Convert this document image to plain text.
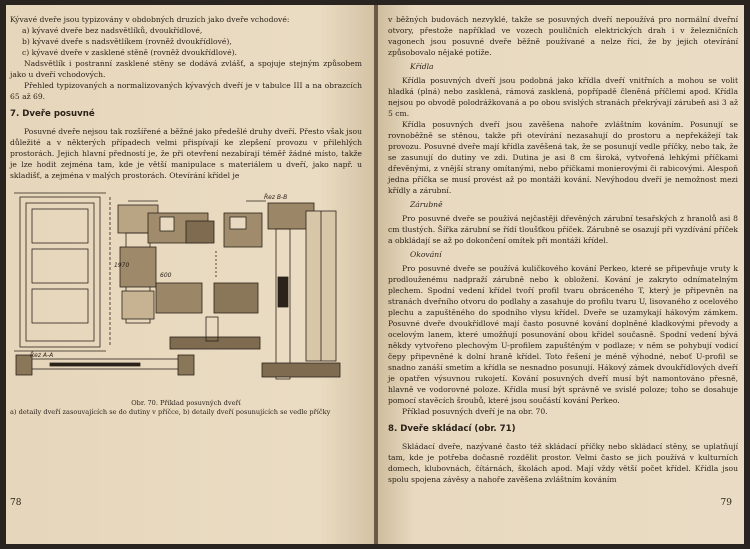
Kývavé dveře jsou typizovány v obdobných druzích jako dveře vchodové:
a) kývavé dveře bez nadsvětlíků, dvoukřídlové,
b) kývavé dveře s nadsvětlíkem (rovněž dvoukřídlové),
c) kývavé dveře v zasklené stěně (rovněž dvoukřídlové).

Nadsvětlík i postranní zasklené stěny se dodává zvlášť, a spojuje stejným způsobem jako u dveří vchodových.

Přehled typizovaných a normalizovaných kývavých dveří je v tabulce III a na obrazcích 65 až 69.

7. Dveře posuvné

Posuvné dveře nejsou tak rozšířené a běžné jako předešlé druhy dveří. Přesto však jsou důležité a v některých případech velmi přispívají ke zlepšení provozu v přilehlých prostorách. Jejich hlavní předností je, že při otevření nezabírají téměř žádné místo, takže je lze hodit zejména tam, kde je větší manipulace s materiálem u dveří, jako např. u skladišť, a zejména v malých prostorách. Otevírání křídel je

Řez B-B
Řez A-A
1970
600
Obr. 70. Příklad posuvných dveří
a) detaily dveří zasouvajících se do dutiny v příčce, b) detaily dveří posunujících se vedle příčky
78

v běžných budovách nezvyklé, takže se posuvných dveří nepoužívá pro normální dveřní otvory, přestože například ve vozech pouličních elektrických drah i v železničních vagonech jsou posuvné dveře běžně používané a nelze říci, že by jejich otevírání způsobovalo nějaké potíže.

Křídla

Křídla posuvných dveří jsou podobná jako křídla dveří vnitřních a mohou se volit hladká (plná) nebo zasklená, rámová zasklená, popřípadě členěná příčlemi apod. Křídla nejsou po obvodě polodrážkovaná a po obou svislých stranách překrývají zárubeň asi 3 až 5 cm.

Křídla posuvných dveří jsou zavěšena nahoře zvláštním kováním. Posunují se rovnoběžně se stěnou, takže při otevírání nezasahují do prostoru a nepřekážejí tak provozu. Posuvné dveře mají křídla zavěšená tak, že se posunují vedle příčky, nebo tak, že se zasunují do dutiny ve zdi. Dutina je asi 8 cm široká, vytvořená lehkými příčkami dřevěnými, z vnější strany omítanými, nebo příčkami monierovými či rabicovými. Alespoň jedna příčka se musí provést až po montáži kování. Nevýhodou dveří je nemožnost mezi křídly a zárubní.

Zárubně

Pro posuvné dveře se používá nejčastěji dřevěných zárubní tesařských z hranolů asi 8 cm tlustých. Šířka zárubní se řídí tloušťkou příček. Zárubně se osazují při vyzdívání příček a obkládají se až po dokončení omítek při montáži křídel.

Okování

Pro posuvné dveře se používá kuličkového kování Perkeo, které se připevňuje vruty k prodlouženému nadpraží zárubně nebo k obložení. Kování je zakryto odnímatelným plechem. Spodní vedení křídel tvoří profil tvaru obráceného T, který je připevněn na stranách dveřního otvoru do podlahy a zasahuje do profilu tvaru U, lisovaného z ocelového plechu a zapuštěného do spodního vlysu křídel. Dveře se uzamykají hákovým zámkem. Posuvné dveře dvoukřídlové mají často posuvné kování doplněné kladkovými převody a ocelovým lanem, které umožňují posunování obou křídel současně. Spodní vedení bývá někdy vytvořeno plechovým U-profilem zapuštěným v podlaze; v něm se pohybují vodicí čepy připevněné k dolní hraně křídel. Toto řešení je méně výhodné, neboť U-profil se snadno zanáší smetím a křídla se nesnadno posunují. Hákový zámek dvoukřídlových dveří je opatřen výsuvnou rukojetí. Kování posuvných dveří musí být namontováno přesně, hlavně ve vodorovné poloze. Křídla musí být správně ve svislé poloze; toho se dosahuje pomocí stavěcích šroubů, které jsou součástí kování Perkeo.

Příklad posuvných dveří je na obr. 70.

8. Dveře skládací (obr. 71)

Skládací dveře, nazývané často též skládací příčky nebo skládací stěny, se uplatňují tam, kde je potřeba dočasně rozdělit prostor. Velmi často se jich používá v kulturních domech, klubovnách, čítárnách, školách apod. Mají vždy větší počet křídel. Křídla jsou spolu spojena závěsy a nahoře zavěšena zvláštním kováním

79
